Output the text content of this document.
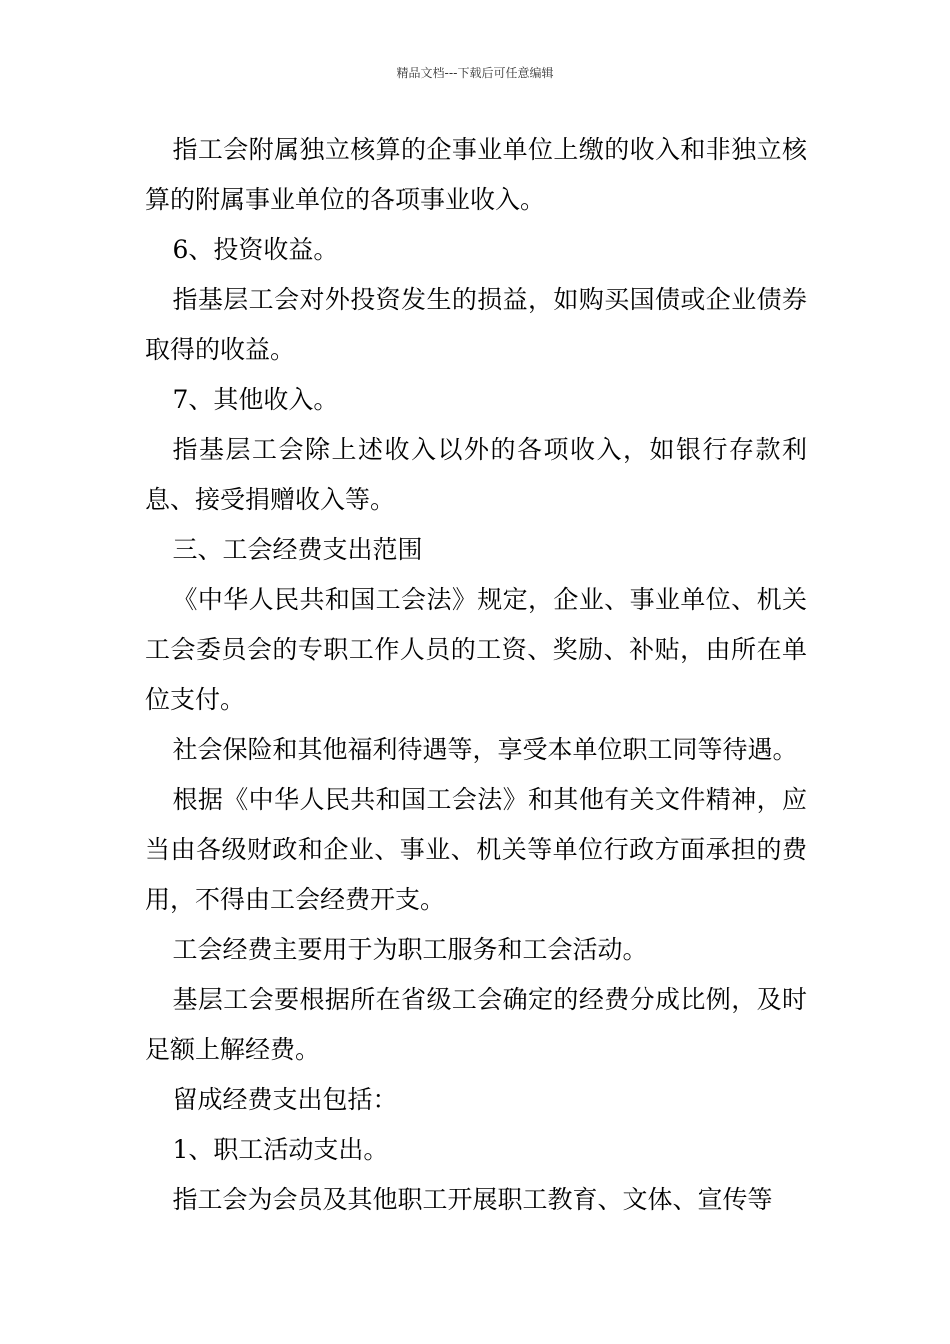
精品文档---下载后可任意编辑

指工会附属独立核算的企事业单位上缴的收入和非独立核算的附属事业单位的各项事业收入。

6、投资收益。

指基层工会对外投资发生的损益，如购买国债或企业债券取得的收益。

7、其他收入。

指基层工会除上述收入以外的各项收入，如银行存款利息、接受捐赠收入等。

三、工会经费支出范围

《中华人民共和国工会法》规定，企业、事业单位、机关工会委员会的专职工作人员的工资、奖励、补贴，由所在单位支付。

社会保险和其他福利待遇等，享受本单位职工同等待遇。

根据《中华人民共和国工会法》和其他有关文件精神，应当由各级财政和企业、事业、机关等单位行政方面承担的费用，不得由工会经费开支。

工会经费主要用于为职工服务和工会活动。

基层工会要根据所在省级工会确定的经费分成比例，及时足额上解经费。

留成经费支出包括：

1、职工活动支出。

指工会为会员及其他职工开展职工教育、文体、宣传等
